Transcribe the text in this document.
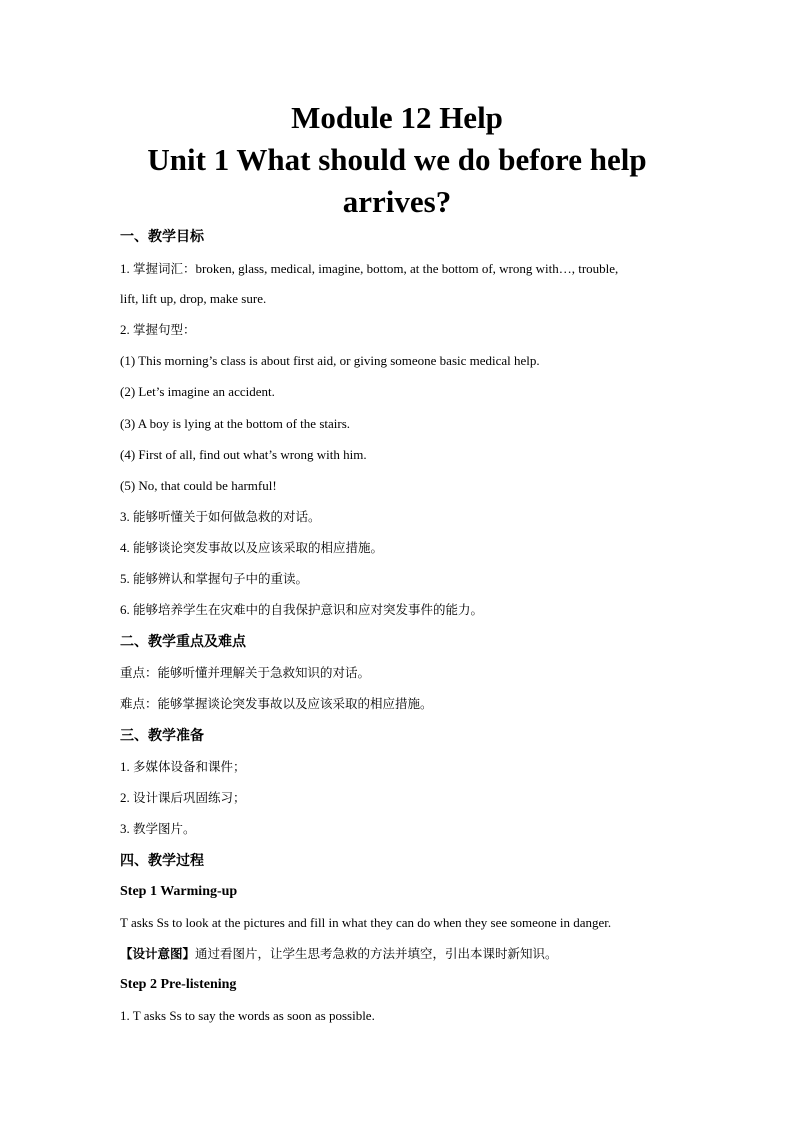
Module 12 Help
Unit 1 What should we do before help
arrives?
一、教学目标
1. 掌握词汇：broken, glass, medical, imagine, bottom, at the bottom of, wrong with…, trouble,
lift, lift up, drop, make sure.
2. 掌握句型：
(1) This morning’s class is about first aid, or giving someone basic medical help.
(2) Let’s imagine an accident.
(3) A boy is lying at the bottom of the stairs.
(4) First of all, find out what’s wrong with him.
(5) No, that could be harmful!
3. 能够听懂关于如何做急救的对话。
4. 能够谈论突发事故以及应该采取的相应措施。
5. 能够辨认和掌握句子中的重读。
6. 能够培养学生在灾难中的自我保护意识和应对突发事件的能力。
二、教学重点及难点
重点：能够听懂并理解关于急救知识的对话。
难点：能够掌握谈论突发事故以及应该采取的相应措施。
三、教学准备
1. 多媒体设备和课件；
2. 设计课后巩固练习；
3. 教学图片。
四、教学过程
Step 1 Warming-up
T asks Ss to look at the pictures and fill in what they can do when they see someone in danger.
【设计意图】通过看图片，让学生思考急救的方法并填空，引出本课时新知识。
Step 2 Pre-listening
1. T asks Ss to say the words as soon as possible.
